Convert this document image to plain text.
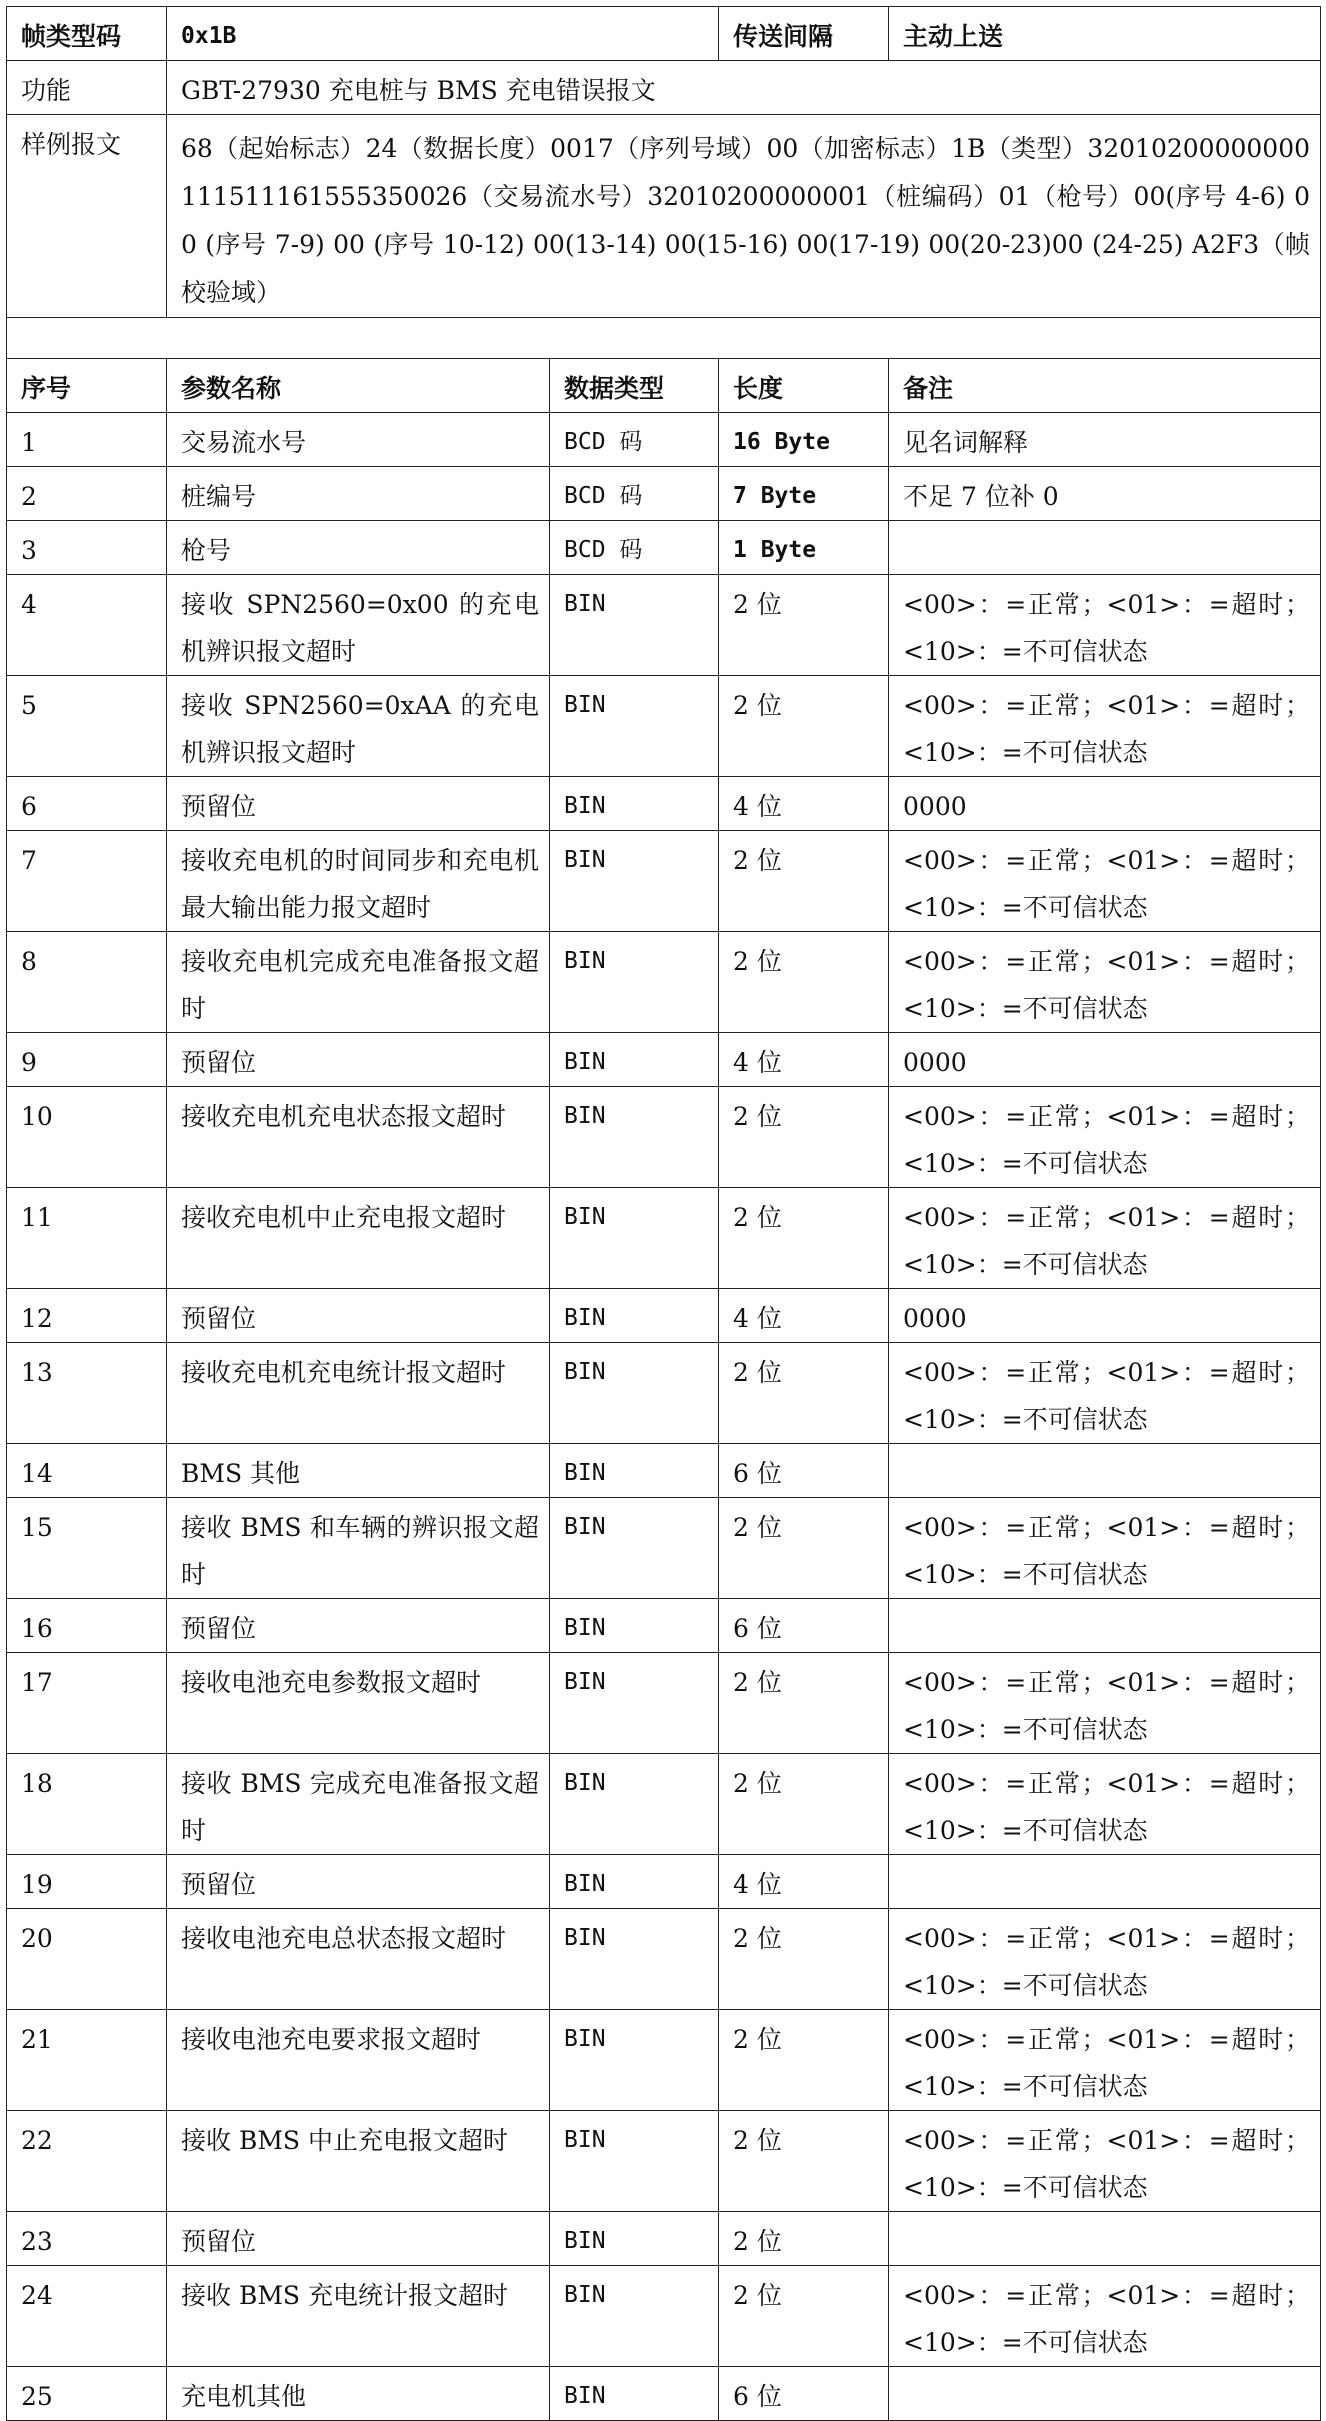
帧类型码	0x1B		传送间隔	主动上送
功能	GBT-27930 充电桩与 BMS 充电错误报文			
样例报文	68（起始标志）24（数据长度）0017（序列号域）00（加密标志）1B（类型）32010200000000111511161555350026（交易流水号）32010200000001（桩编码）01（枪号）00(序号 4-6) 00 (序号 7-9) 00 (序号 10-12) 00(13-14) 00(15-16) 00(17-19) 00(20-23)00 (24-25) A2F3（帧校验域）			

序号	参数名称	数据类型	长度	备注
1	交易流水号	BCD 码	16 Byte	见名词解释
2	桩编号	BCD 码	7 Byte	不足 7 位补 0
3	枪号	BCD 码	1 Byte	
4	接收 SPN2560=0x00 的充电机辨识报文超时	BIN	2 位	<00>：=正常；<01>：=超时；<10>：=不可信状态
5	接收 SPN2560=0xAA 的充电机辨识报文超时	BIN	2 位	<00>：=正常；<01>：=超时；<10>：=不可信状态
6	预留位	BIN	4 位	0000
7	接收充电机的时间同步和充电机最大输出能力报文超时	BIN	2 位	<00>：=正常；<01>：=超时；<10>：=不可信状态
8	接收充电机完成充电准备报文超时	BIN	2 位	<00>：=正常；<01>：=超时；<10>：=不可信状态
9	预留位	BIN	4 位	0000
10	接收充电机充电状态报文超时	BIN	2 位	<00>：=正常；<01>：=超时；<10>：=不可信状态
11	接收充电机中止充电报文超时	BIN	2 位	<00>：=正常；<01>：=超时；<10>：=不可信状态
12	预留位	BIN	4 位	0000
13	接收充电机充电统计报文超时	BIN	2 位	<00>：=正常；<01>：=超时；<10>：=不可信状态
14	BMS 其他	BIN	6 位	
15	接收 BMS 和车辆的辨识报文超时	BIN	2 位	<00>：=正常；<01>：=超时；<10>：=不可信状态
16	预留位	BIN	6 位	
17	接收电池充电参数报文超时	BIN	2 位	<00>：=正常；<01>：=超时；<10>：=不可信状态
18	接收 BMS 完成充电准备报文超时	BIN	2 位	<00>：=正常；<01>：=超时；<10>：=不可信状态
19	预留位	BIN	4 位	
20	接收电池充电总状态报文超时	BIN	2 位	<00>：=正常；<01>：=超时；<10>：=不可信状态
21	接收电池充电要求报文超时	BIN	2 位	<00>：=正常；<01>：=超时；<10>：=不可信状态
22	接收 BMS 中止充电报文超时	BIN	2 位	<00>：=正常；<01>：=超时；<10>：=不可信状态
23	预留位	BIN	2 位	
24	接收 BMS 充电统计报文超时	BIN	2 位	<00>：=正常；<01>：=超时；<10>：=不可信状态
25	充电机其他	BIN	6 位	
